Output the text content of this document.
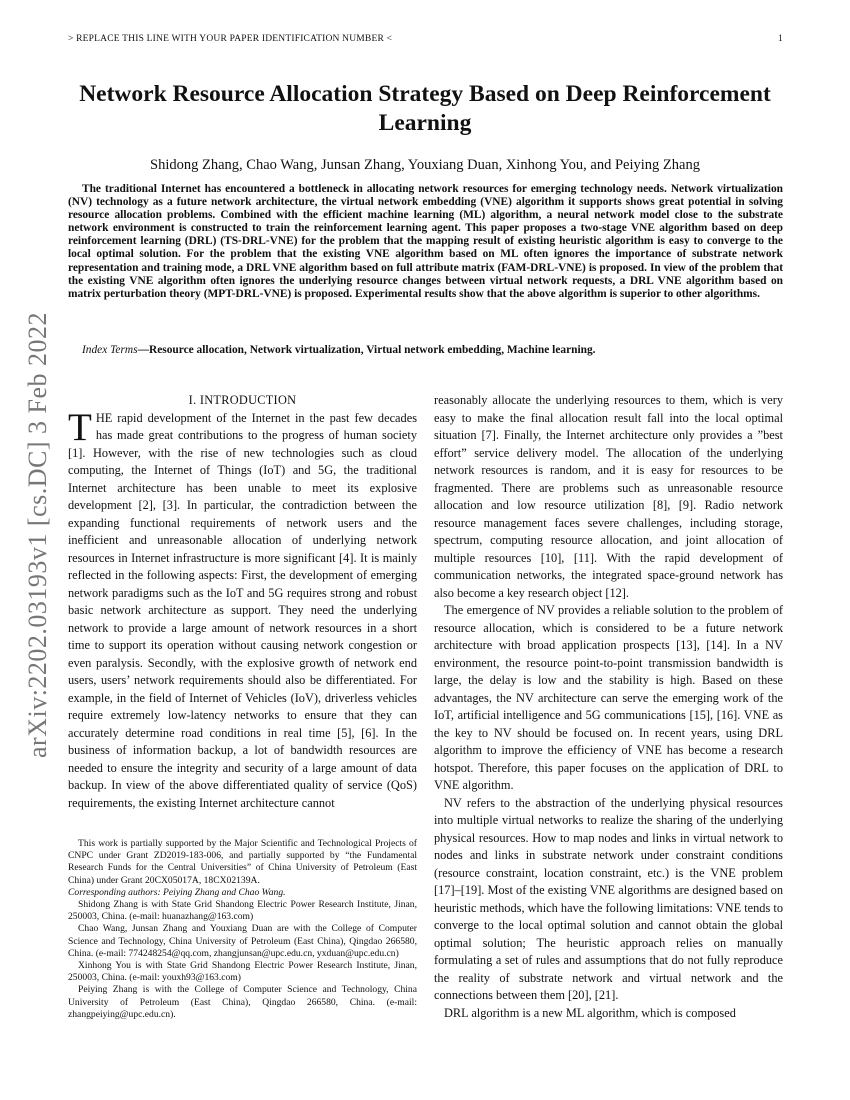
> REPLACE THIS LINE WITH YOUR PAPER IDENTIFICATION NUMBER <	1
arXiv:2202.03193v1 [cs.DC] 3 Feb 2022
Network Resource Allocation Strategy Based on Deep Reinforcement Learning
Shidong Zhang, Chao Wang, Junsan Zhang, Youxiang Duan, Xinhong You, and Peiying Zhang

The traditional Internet has encountered a bottleneck in allocating network resources for emerging technology needs. Network virtualization (NV) technology as a future network architecture, the virtual network embedding (VNE) algorithm it supports shows great potential in solving resource allocation problems. Combined with the efficient machine learning (ML) algorithm, a neural network model close to the substrate network environment is constructed to train the reinforcement learning agent. This paper proposes a two-stage VNE algorithm based on deep reinforcement learning (DRL) (TS-DRL-VNE) for the problem that the mapping result of existing heuristic algorithm is easy to converge to the local optimal solution. For the problem that the existing VNE algorithm based on ML often ignores the importance of substrate network representation and training mode, a DRL VNE algorithm based on full attribute matrix (FAM-DRL-VNE) is proposed. In view of the problem that the existing VNE algorithm often ignores the underlying resource changes between virtual network requests, a DRL VNE algorithm based on matrix perturbation theory (MPT-DRL-VNE) is proposed. Experimental results show that the above algorithm is superior to other algorithms.

Index Terms—Resource allocation, Network virtualization, Virtual network embedding, Machine learning.

I. INTRODUCTION

THE rapid development of the Internet in the past few decades has made great contributions to the progress of human society [1]. However, with the rise of new technologies such as cloud computing, the Internet of Things (IoT) and 5G, the traditional Internet architecture has been unable to meet its explosive development [2], [3]. In particular, the contradiction between the expanding functional requirements of network users and the inefficient and unreasonable allocation of underlying network resources in Internet infrastructure is more significant [4]. It is mainly reflected in the following aspects: First, the development of emerging network paradigms such as the IoT and 5G requires strong and robust basic network architecture as support. They need the underlying network to provide a large amount of network resources in a short time to support its operation without causing network congestion or even paralysis. Secondly, with the explosive growth of network end users, users’ network requirements should also be differentiated. For example, in the field of Internet of Vehicles (IoV), driverless vehicles require extremely low-latency networks to ensure that they can accurately determine road conditions in real time [5], [6]. In the business of information backup, a lot of bandwidth resources are needed to ensure the integrity and security of a large amount of data backup. In view of the above differentiated quality of service (QoS) requirements, the existing Internet architecture cannot

This work is partially supported by the Major Scientific and Technological Projects of CNPC under Grant ZD2019-183-006, and partially supported by “the Fundamental Research Funds for the Central Universities” of China University of Petroleum (East China) under Grant 20CX05017A, 18CX02139A.
Corresponding authors: Peiying Zhang and Chao Wang.

Shidong Zhang is with State Grid Shandong Electric Power Research Institute, Jinan, 250003, China. (e-mail: huanazhang@163.com)

Chao Wang, Junsan Zhang and Youxiang Duan are with the College of Computer Science and Technology, China University of Petroleum (East China), Qingdao 266580, China. (e-mail: 774248254@qq.com, zhangjunsan@upc.edu.cn, yxduan@upc.edu.cn)

Xinhong You is with State Grid Shandong Electric Power Research Institute, Jinan, 250003, China. (e-mail: youxh93@163.com)

Peiying Zhang is with the College of Computer Science and Technology, China University of Petroleum (East China), Qingdao 266580, China. (e-mail: zhangpeiying@upc.edu.cn).

reasonably allocate the underlying resources to them, which is very easy to make the final allocation result fall into the local optimal situation [7]. Finally, the Internet architecture only provides a ”best effort” service delivery model. The allocation of the underlying network resources is random, and it is easy for resources to be fragmented. There are problems such as unreasonable resource allocation and low resource utilization [8], [9]. Radio network resource management faces severe challenges, including storage, spectrum, computing resource allocation, and joint allocation of multiple resources [10], [11]. With the rapid development of communication networks, the integrated space-ground network has also become a key research object [12].

The emergence of NV provides a reliable solution to the problem of resource allocation, which is considered to be a future network architecture with broad application prospects [13], [14]. In a NV environment, the resource point-to-point transmission bandwidth is large, the delay is low and the stability is high. Based on these advantages, the NV architecture can serve the emerging work of the IoT, artificial intelligence and 5G communications [15], [16]. VNE as the key to NV should be focused on. In recent years, using DRL algorithm to improve the efficiency of VNE has become a research hotspot. Therefore, this paper focuses on the application of DRL to VNE algorithm.

NV refers to the abstraction of the underlying physical resources into multiple virtual networks to realize the sharing of the underlying physical resources. How to map nodes and links in virtual network to nodes and links in substrate network under constraint conditions (resource constraint, location constraint, etc.) is the VNE problem [17]–[19]. Most of the existing VNE algorithms are designed based on heuristic methods, which have the following limitations: VNE tends to converge to the local optimal solution and cannot obtain the global optimal solution; The heuristic approach relies on manually formulating a set of rules and assumptions that do not fully reproduce the reality of substrate network and virtual network and the connections between them [20], [21].

DRL algorithm is a new ML algorithm, which is composed
